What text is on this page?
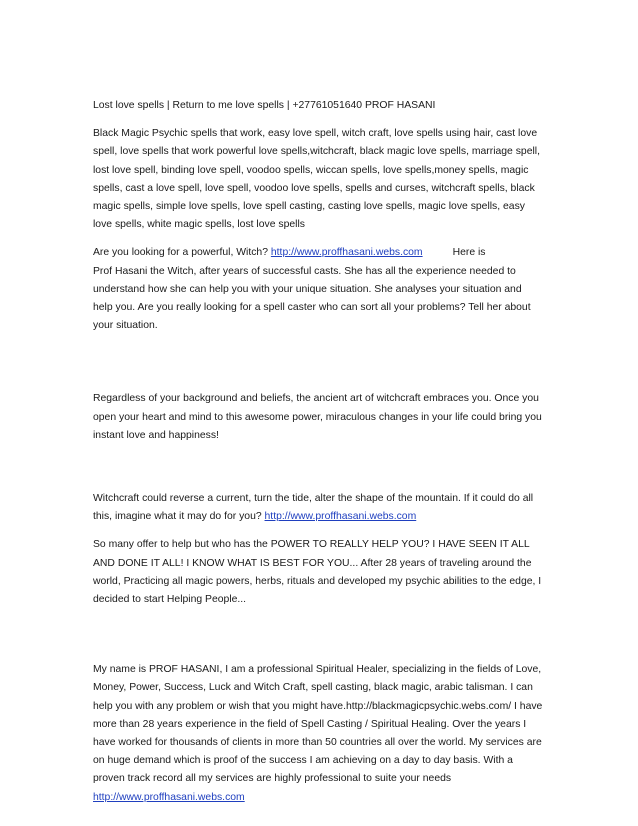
Lost love spells | Return to me love spells | +27761051640 PROF HASANI

Black Magic Psychic spells that work, easy love spell, witch craft, love spells using hair, cast love spell, love spells that work powerful love spells,witchcraft, black magic love spells, marriage spell, lost love spell, binding love spell, voodoo spells, wiccan spells, love spells,money spells, magic spells, cast a love spell, love spell, voodoo love spells, spells and curses, witchcraft spells, black magic spells, simple love spells, love spell casting, casting love spells, magic love spells, easy love spells, white magic spells, lost love spells

Are you looking for a powerful, Witch? http://www.proffhasani.webs.com	Here is
Prof Hasani the Witch, after years of successful casts. She has all the experience needed to understand how she can help you with your unique situation. She analyses your situation and help you. Are you really looking for a spell caster who can sort all your problems? Tell her about your situation.

Regardless of your background and beliefs, the ancient art of witchcraft embraces you. Once you open your heart and mind to this awesome power, miraculous changes in your life could bring you instant love and happiness!

Witchcraft could reverse a current, turn the tide, alter the shape of the mountain. If it could do all this, imagine what it may do for you? http://www.proffhasani.webs.com

So many offer to help but who has the POWER TO REALLY HELP YOU? I HAVE SEEN IT ALL AND DONE IT ALL! I KNOW WHAT IS BEST FOR YOU... After 28 years of traveling around the world, Practicing all magic powers, herbs, rituals and developed my psychic abilities to the edge, I decided to start Helping People...

My name is PROF HASANI, I am a professional Spiritual Healer, specializing in the fields of Love, Money, Power, Success, Luck and Witch Craft, spell casting, black magic, arabic talisman. I can help you with any problem or wish that you might have.http://blackmagicpsychic.webs.com/ I have more than 28 years experience in the field of Spell Casting / Spiritual Healing. Over the years I have worked for thousands of clients in more than 50 countries all over the world. My services are on huge demand which is proof of the success I am achieving on a day to day basis. With a proven track record all my services are highly professional to suite your needs
http://www.proffhasani.webs.com
